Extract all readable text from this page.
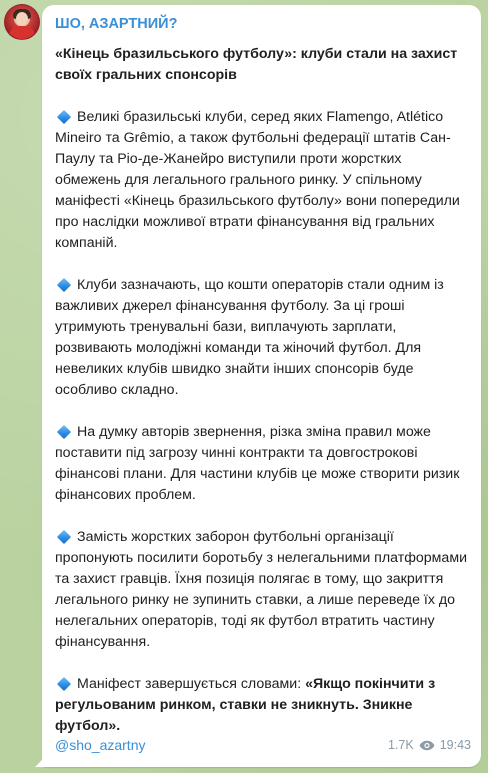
ШО, АЗАРТНИЙ?

«Кінець бразильського футболу»: клуби стали на захист своїх гральних спонсорів

Великі бразильські клуби, серед яких Flamengo, Atlético Mineiro та Grêmio, а також футбольні федерації штатів Сан-Паулу та Ріо-де-Жанейро виступили проти жорстких обмежень для легального грального ринку. У спільному маніфесті «Кінець бразильського футболу» вони попередили про наслідки можливої втрати фінансування від гральних компаній.

Клуби зазначають, що кошти операторів стали одним із важливих джерел фінансування футболу. За ці гроші утримують тренувальні бази, виплачують зарплати, розвивають молодіжні команди та жіночий футбол. Для невеликих клубів швидко знайти інших спонсорів буде особливо складно.

На думку авторів звернення, різка зміна правил може поставити під загрозу чинні контракти та довгострокові фінансові плани. Для частини клубів це може створити ризик фінансових проблем.

Замість жорстких заборон футбольні організації пропонують посилити боротьбу з нелегальними платформами та захист гравців. Їхня позиція полягає в тому, що закриття легального ринку не зупинить ставки, а лише переведе їх до нелегальних операторів, тоді як футбол втратить частину фінансування.

Маніфест завершується словами: «Якщо покінчити з регульованим ринком, ставки не зникнуть. Зникне футбол».

@sho_azartny	1.7K 19:43
